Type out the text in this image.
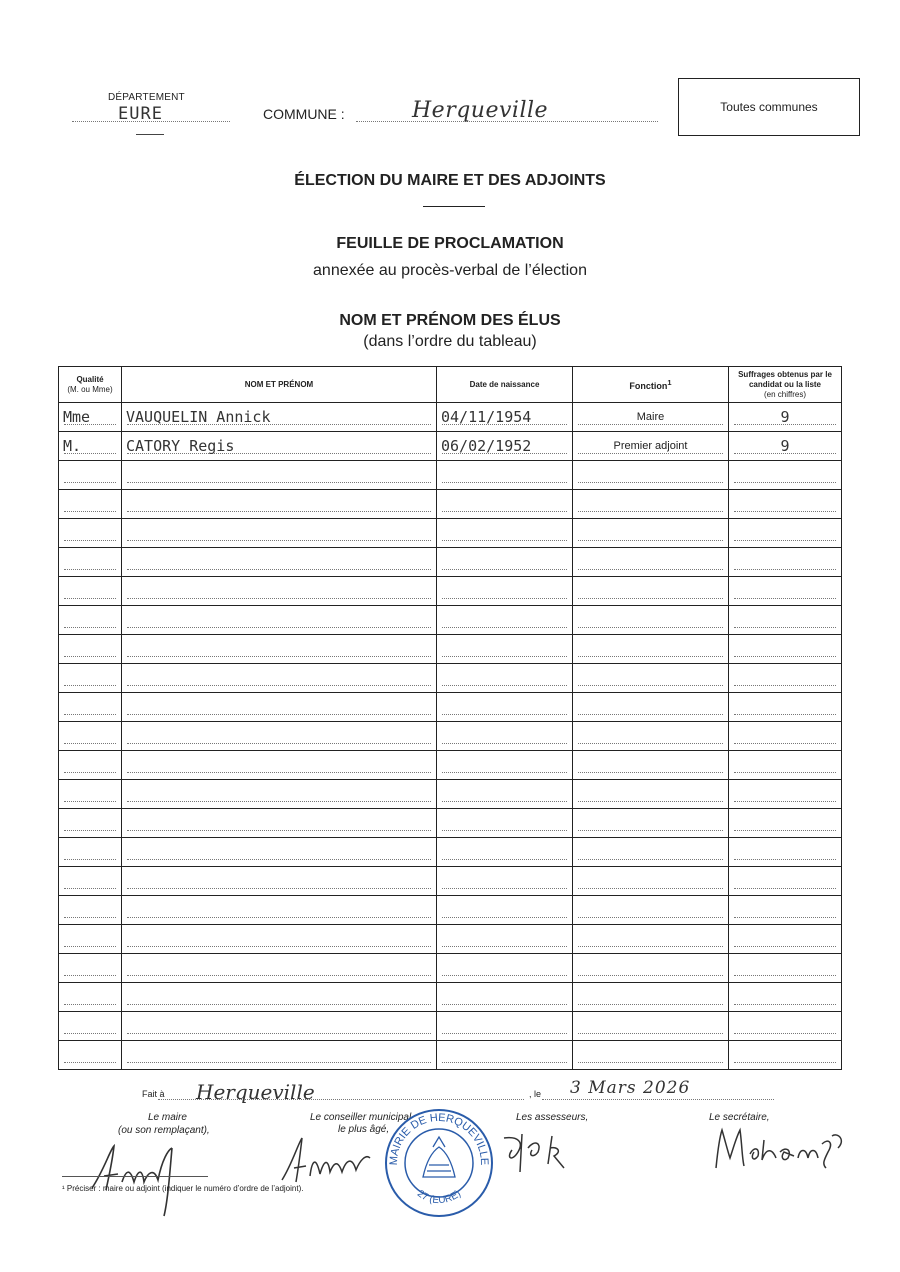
DÉPARTEMENT
EURE	COMMUNE :	Herqueville	Toutes communes
ÉLECTION DU MAIRE ET DES ADJOINTS
FEUILLE DE PROCLAMATION
annexée au procès-verbal de l’élection
NOM ET PRÉNOM DES ÉLUS
(dans l’ordre du tableau)
Qualité
(M. ou Mme)	NOM ET PRÉNOM	Date de naissance	Fonction$^1$	Suffrages obtenus par le candidat ou la liste
(en chiffres)

Mme	VAUQUELIN Annick	04/11/1954	Maire	9

M.	CATORY Regis	06/02/1952	Premier adjoint	9

Fait à Herqueville	, le 3 Mars 2026
Le maire
(ou son remplaçant),
Le conseiller municipal
le plus âgé,
Les assesseurs,	Le secrétaire,
MAIRIE DE HERQUEVILLE
27 (EURE)
¹ Préciser : maire ou adjoint (indiquer le numéro d’ordre de l’adjoint).
